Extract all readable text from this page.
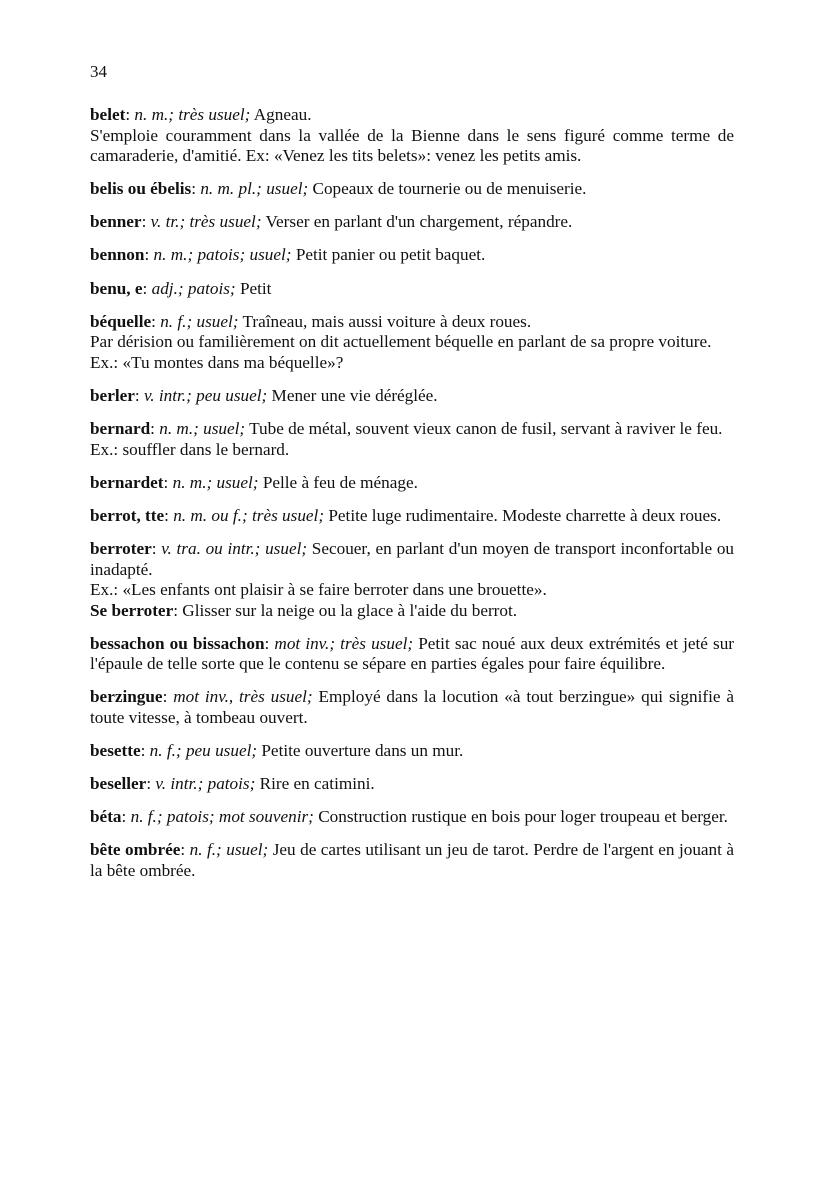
34

belet: n. m.; très usuel; Agneau.

S'emploie couramment dans la vallée de la Bienne dans le sens figuré comme terme de camaraderie, d'amitié. Ex: «Venez les tits belets»: venez les petits amis.

belis ou ébelis: n. m. pl.; usuel; Copeaux de tournerie ou de menuiserie.

benner: v. tr.; très usuel; Verser en parlant d'un chargement, répandre.

bennon: n. m.; patois; usuel; Petit panier ou petit baquet.

benu, e: adj.; patois; Petit

béquelle: n. f.; usuel; Traîneau, mais aussi voiture à deux roues.

Par dérision ou familièrement on dit actuellement béquelle en parlant de sa propre voiture.

Ex.: «Tu montes dans ma béquelle»?

berler: v. intr.; peu usuel; Mener une vie déréglée.

bernard: n. m.; usuel; Tube de métal, souvent vieux canon de fusil, servant à raviver le feu.

Ex.: souffler dans le bernard.

bernardet: n. m.; usuel; Pelle à feu de ménage.

berrot, tte: n. m. ou f.; très usuel; Petite luge rudimentaire. Modeste charrette à deux roues.

berroter: v. tra. ou intr.; usuel; Secouer, en parlant d'un moyen de transport inconfortable ou inadapté.

Ex.: «Les enfants ont plaisir à se faire berroter dans une brouette».

Se berroter: Glisser sur la neige ou la glace à l'aide du berrot.

bessachon ou bissachon: mot inv.; très usuel; Petit sac noué aux deux extrémités et jeté sur l'épaule de telle sorte que le contenu se sépare en parties égales pour faire équilibre.

berzingue: mot inv., très usuel; Employé dans la locution «à tout berzingue» qui signifie à toute vitesse, à tombeau ouvert.

besette: n. f.; peu usuel; Petite ouverture dans un mur.

beseller: v. intr.; patois; Rire en catimini.

béta: n. f.; patois; mot souvenir; Construction rustique en bois pour loger troupeau et berger.

bête ombrée: n. f.; usuel; Jeu de cartes utilisant un jeu de tarot. Perdre de l'argent en jouant à la bête ombrée.
